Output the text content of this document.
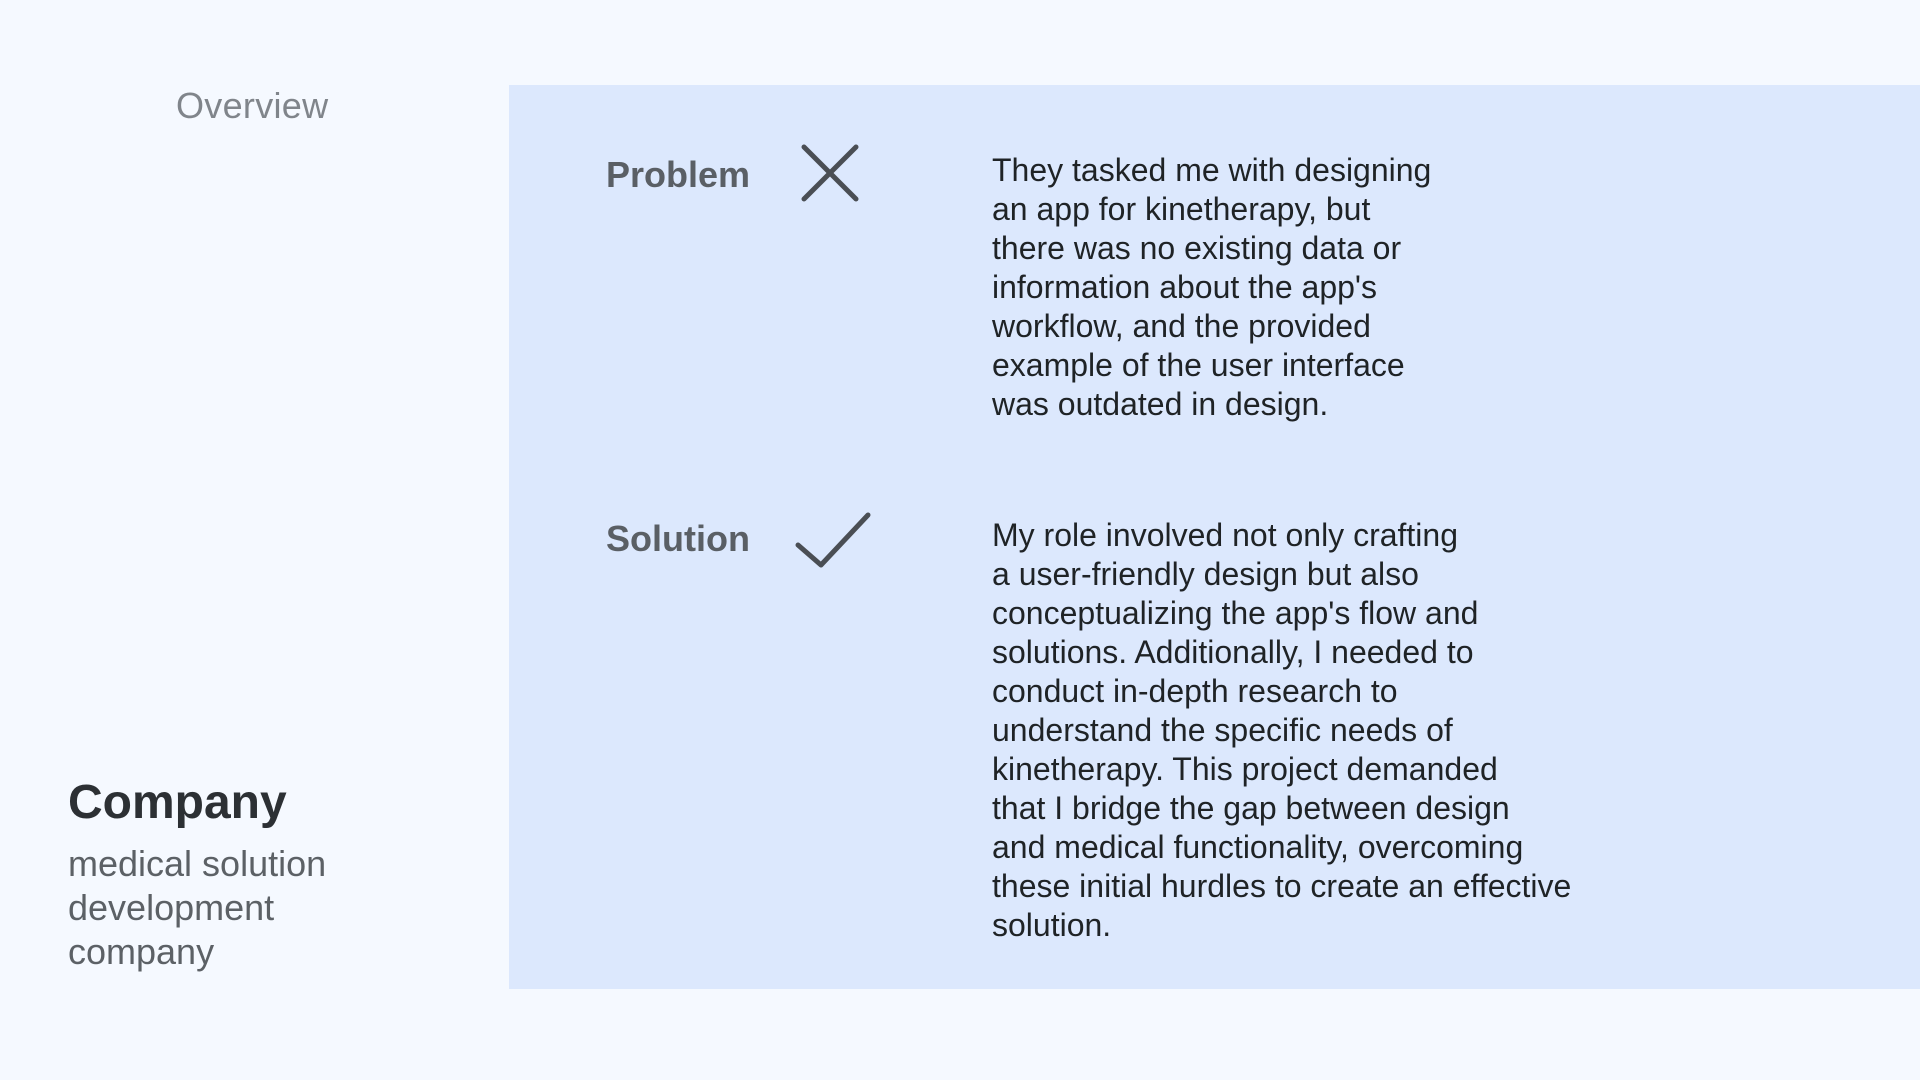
Overview
Company
medical solution development company
Problem	They tasked me with designing
an app for kinetherapy, but
there was no existing data or
information about the app's
workflow, and the provided
example of the user interface
was outdated in design.
Solution	My role involved not only crafting
a user-friendly design but also
conceptualizing the app's flow and
solutions. Additionally, I needed to
conduct in-depth research to
understand the specific needs of
kinetherapy. This project demanded
that I bridge the gap between design
and medical functionality, overcoming
these initial hurdles to create an effective
solution.
